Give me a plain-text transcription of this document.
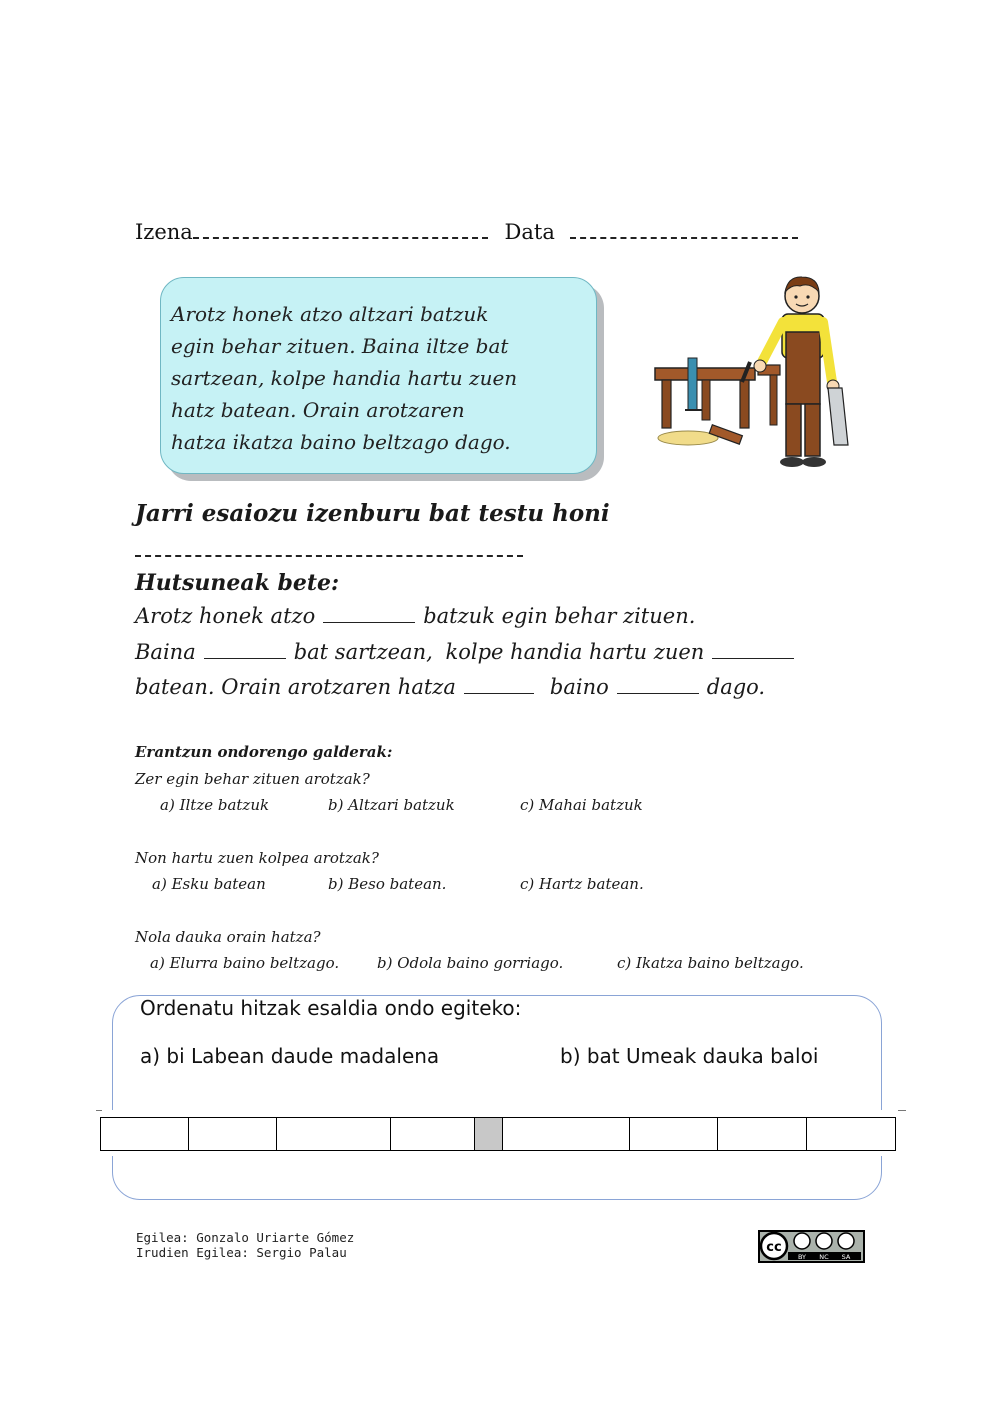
Izena	Data
Arotz honek atzo altzari batzuk
egin behar zituen. Baina iltze bat
sartzean, kolpe handia hartu zuen
hatz batean. Orain arotzaren
hatza ikatza baino beltzago dago.
Jarri esaiozu izenburu bat testu honi
Hutsuneak bete:
Arotz honek atzo	batzuk egin behar zituen.
Baina	bat sartzean, kolpe handia hartu zuen
batean. Orain arotzaren hatza	baino	dago.
Erantzun ondorengo galderak:
Zer egin behar zituen arotzak?
a) Iltze batzuk	b) Altzari batzuk	c) Mahai batzuk
Non hartu zuen kolpea arotzak?
a) Esku batean	b) Beso batean.	c) Hartz batean.
Nola dauka orain hatza?
a) Elurra baino beltzago.	b) Odola baino gorriago.	c) Ikatza baino beltzago.
Ordenatu hitzak esaldia ondo egiteko:
a) bi Labean daude madalena	b) bat Umeak dauka baloi
Egilea: Gonzalo Uriarte Gómez
Irudien Egilea: Sergio Palau	cc
BY NC SA
